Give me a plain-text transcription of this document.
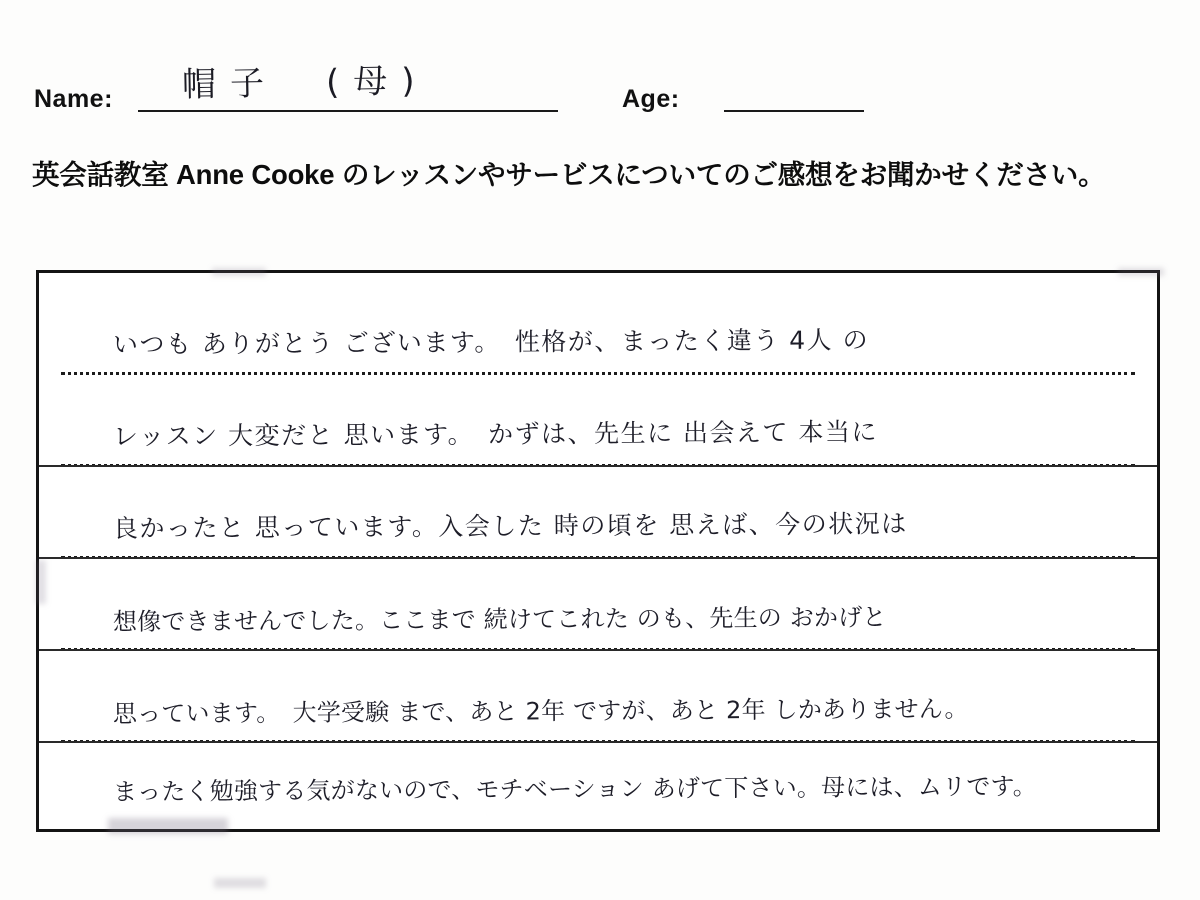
Name: 帽子　(母)	Age:
英会話教室 Anne Cooke のレッスンやサービスについてのご感想をお聞かせください。
いつも ありがとう ございます。　性格が、まったく違う 4人 の
レッスン 大変だと 思います。　かずは、先生に 出会えて 本当に
良かったと 思っています。入会した 時の頃を 思えば、今の状況は
想像できませんでした。ここまで 続けてこれた のも、先生の おかげと
思っています。　大学受験 まで、あと 2年 ですが、あと 2年 しかありません。
まったく勉強する気がないので、モチベーション あげて下さい。母には、ムリです。
